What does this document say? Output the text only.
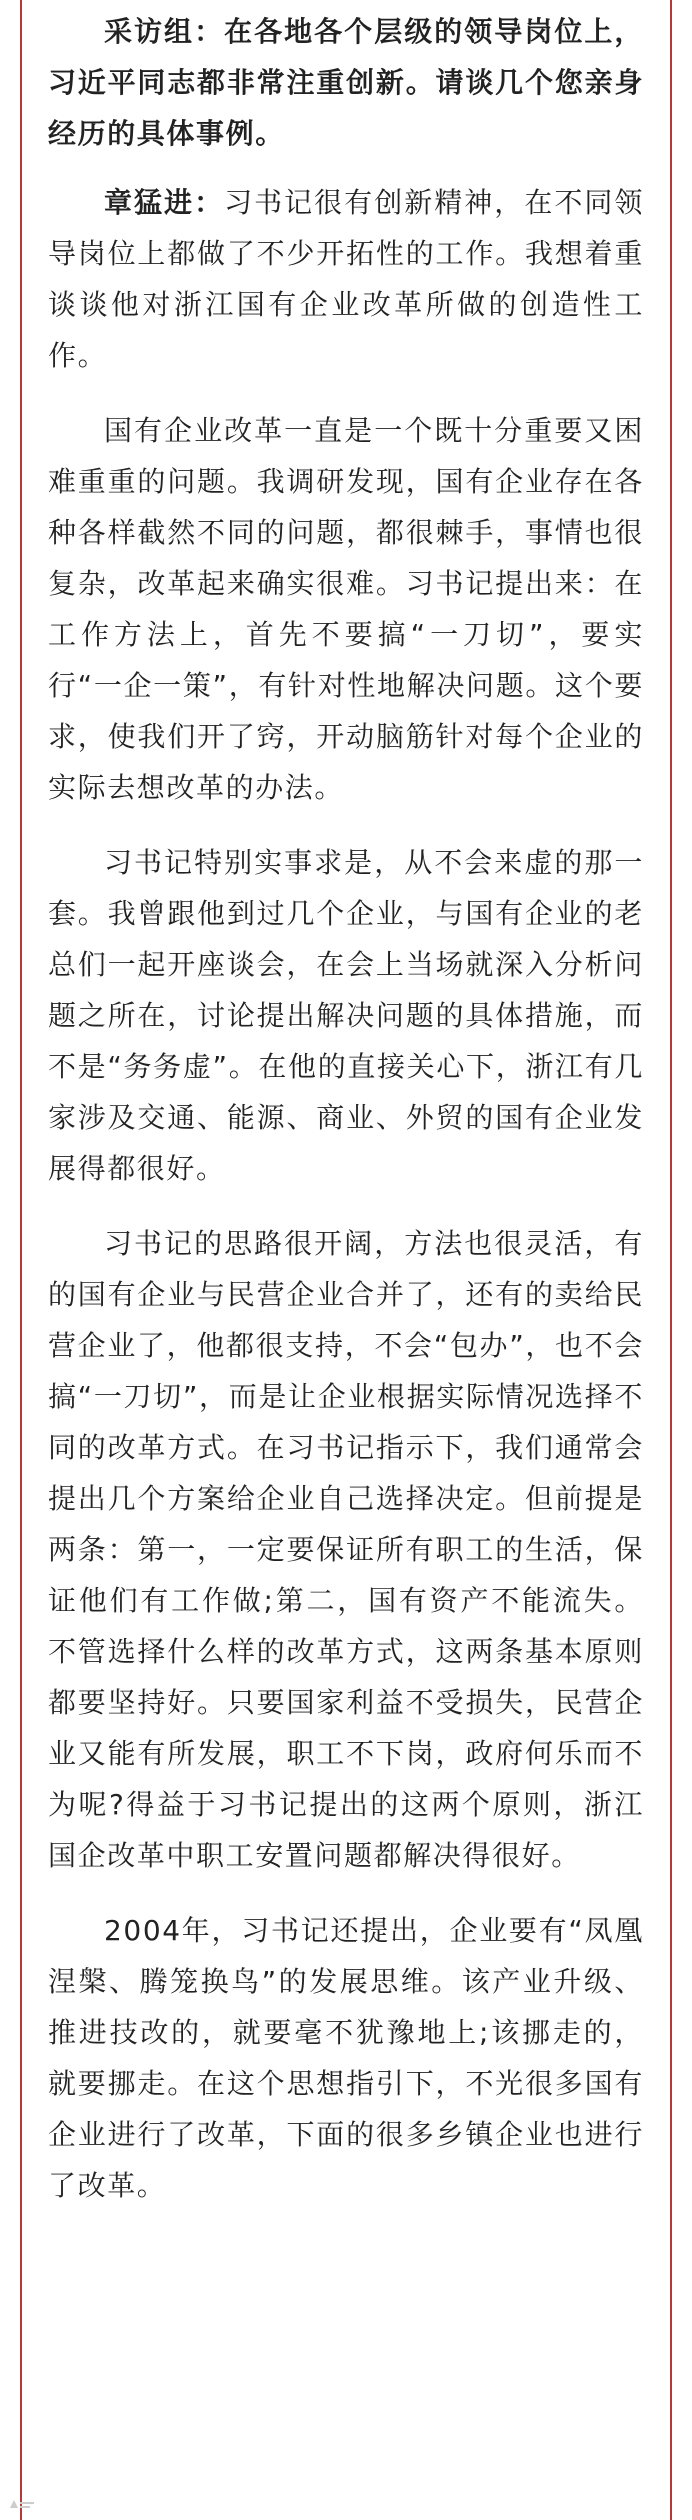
采访组：在各地各个层级的领导岗位上，习近平同志都非常注重创新。请谈几个您亲身经历的具体事例。

章猛进：习书记很有创新精神，在不同领导岗位上都做了不少开拓性的工作。我想着重谈谈他对浙江国有企业改革所做的创造性工作。

国有企业改革一直是一个既十分重要又困难重重的问题。我调研发现，国有企业存在各种各样截然不同的问题，都很棘手，事情也很复杂，改革起来确实很难。习书记提出来：在工作方法上，首先不要搞“一刀切”，要实行“一企一策”，有针对性地解决问题。这个要求，使我们开了窍，开动脑筋针对每个企业的实际去想改革的办法。

习书记特别实事求是，从不会来虚的那一套。我曾跟他到过几个企业，与国有企业的老总们一起开座谈会，在会上当场就深入分析问题之所在，讨论提出解决问题的具体措施，而不是“务务虚”。在他的直接关心下，浙江有几家涉及交通、能源、商业、外贸的国有企业发展得都很好。

习书记的思路很开阔，方法也很灵活，有的国有企业与民营企业合并了，还有的卖给民营企业了，他都很支持，不会“包办”，也不会搞“一刀切”，而是让企业根据实际情况选择不同的改革方式。在习书记指示下，我们通常会提出几个方案给企业自己选择决定。但前提是两条：第一，一定要保证所有职工的生活，保证他们有工作做;第二，国有资产不能流失。不管选择什么样的改革方式，这两条基本原则都要坚持好。只要国家利益不受损失，民营企业又能有所发展，职工不下岗，政府何乐而不为呢?得益于习书记提出的这两个原则，浙江国企改革中职工安置问题都解决得很好。

2004年，习书记还提出，企业要有“凤凰涅槃、腾笼换鸟”的发展思维。该产业升级、推进技改的，就要毫不犹豫地上;该挪走的，就要挪走。在这个思想指引下，不光很多国有企业进行了改革，下面的很多乡镇企业也进行了改革。
